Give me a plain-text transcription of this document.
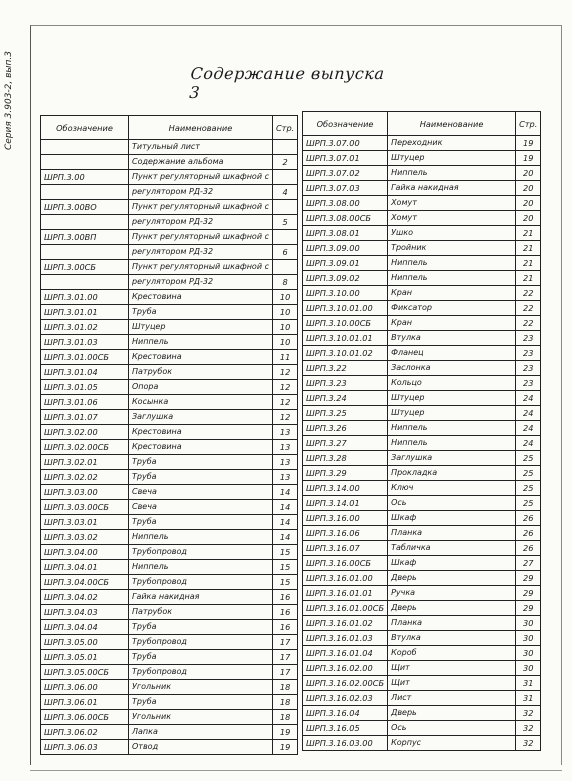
Серия 3.903-2, вып.3	Содержание выпуска 3
Обозначение	Наименование	Стр.
	Титульный лист	
	Содержание альбома	2
ШРП.3.00	Пункт регуляторный шкафной с	
	регулятором РД-32	4
ШРП.3.00ВО	Пункт регуляторный шкафной с	
	регулятором РД-32	5
ШРП.3.00ВП	Пункт регуляторный шкафной с	
	регулятором РД-32	6
ШРП.3.00СБ	Пункт регуляторный шкафной с	
	регулятором РД-32	8
ШРП.3.01.00	Крестовина	10
ШРП.3.01.01	Труба	10
ШРП.3.01.02	Штуцер	10
ШРП.3.01.03	Ниппель	10
ШРП.3.01.00СБ	Крестовина	11
ШРП.3.01.04	Патрубок	12
ШРП.3.01.05	Опора	12
ШРП.3.01.06	Косынка	12
ШРП.3.01.07	Заглушка	12
ШРП.3.02.00	Крестовина	13
ШРП.3.02.00СБ	Крестовина	13
ШРП.3.02.01	Труба	13
ШРП.3.02.02	Труба	13
ШРП.3.03.00	Свеча	14
ШРП.3.03.00СБ	Свеча	14
ШРП.3.03.01	Труба	14
ШРП.3.03.02	Ниппель	14
ШРП.3.04.00	Трубопровод	15
ШРП.3.04.01	Ниппель	15
ШРП.3.04.00СБ	Трубопровод	15
ШРП.3.04.02	Гайка накидная	16
ШРП.3.04.03	Патрубок	16
ШРП.3.04.04	Труба	16
ШРП.3.05.00	Трубопровод	17
ШРП.3.05.01	Труба	17
ШРП.3.05.00СБ	Трубопровод	17
ШРП.3.06.00	Угольник	18
ШРП.3.06.01	Труба	18
ШРП.3.06.00СБ	Угольник	18
ШРП.3.06.02	Лапка	19
ШРП.3.06.03	Отвод	19
Обозначение	Наименование	Стр.
ШРП.3.07.00	Переходник	19
ШРП.3.07.01	Штуцер	19
ШРП.3.07.02	Ниппель	20
ШРП.3.07.03	Гайка накидная	20
ШРП.3.08.00	Хомут	20
ШРП.3.08.00СБ	Хомут	20
ШРП.3.08.01	Ушко	21
ШРП.3.09.00	Тройник	21
ШРП.3.09.01	Ниппель	21
ШРП.3.09.02	Ниппель	21
ШРП.3.10.00	Кран	22
ШРП.3.10.01.00	Фиксатор	22
ШРП.3.10.00СБ	Кран	22
ШРП.3.10.01.01	Втулка	23
ШРП.3.10.01.02	Фланец	23
ШРП.3.22	Заслонка	23
ШРП.3.23	Кольцо	23
ШРП.3.24	Штуцер	24
ШРП.3.25	Штуцер	24
ШРП.3.26	Ниппель	24
ШРП.3.27	Ниппель	24
ШРП.3.28	Заглушка	25
ШРП.3.29	Прокладка	25
ШРП.3.14.00	Ключ	25
ШРП.3.14.01	Ось	25
ШРП.3.16.00	Шкаф	26
ШРП.3.16.06	Планка	26
ШРП.3.16.07	Табличка	26
ШРП.3.16.00СБ	Шкаф	27
ШРП.3.16.01.00	Дверь	29
ШРП.3.16.01.01	Ручка	29
ШРП.3.16.01.00СБ	Дверь	29
ШРП.3.16.01.02	Планка	30
ШРП.3.16.01.03	Втулка	30
ШРП.3.16.01.04	Короб	30
ШРП.3.16.02.00	Щит	30
ШРП.3.16.02.00СБ	Щит	31
ШРП.3.16.02.03	Лист	31
ШРП.3.16.04	Дверь	32
ШРП.3.16.05	Ось	32
ШРП.3.16.03.00	Корпус	32
